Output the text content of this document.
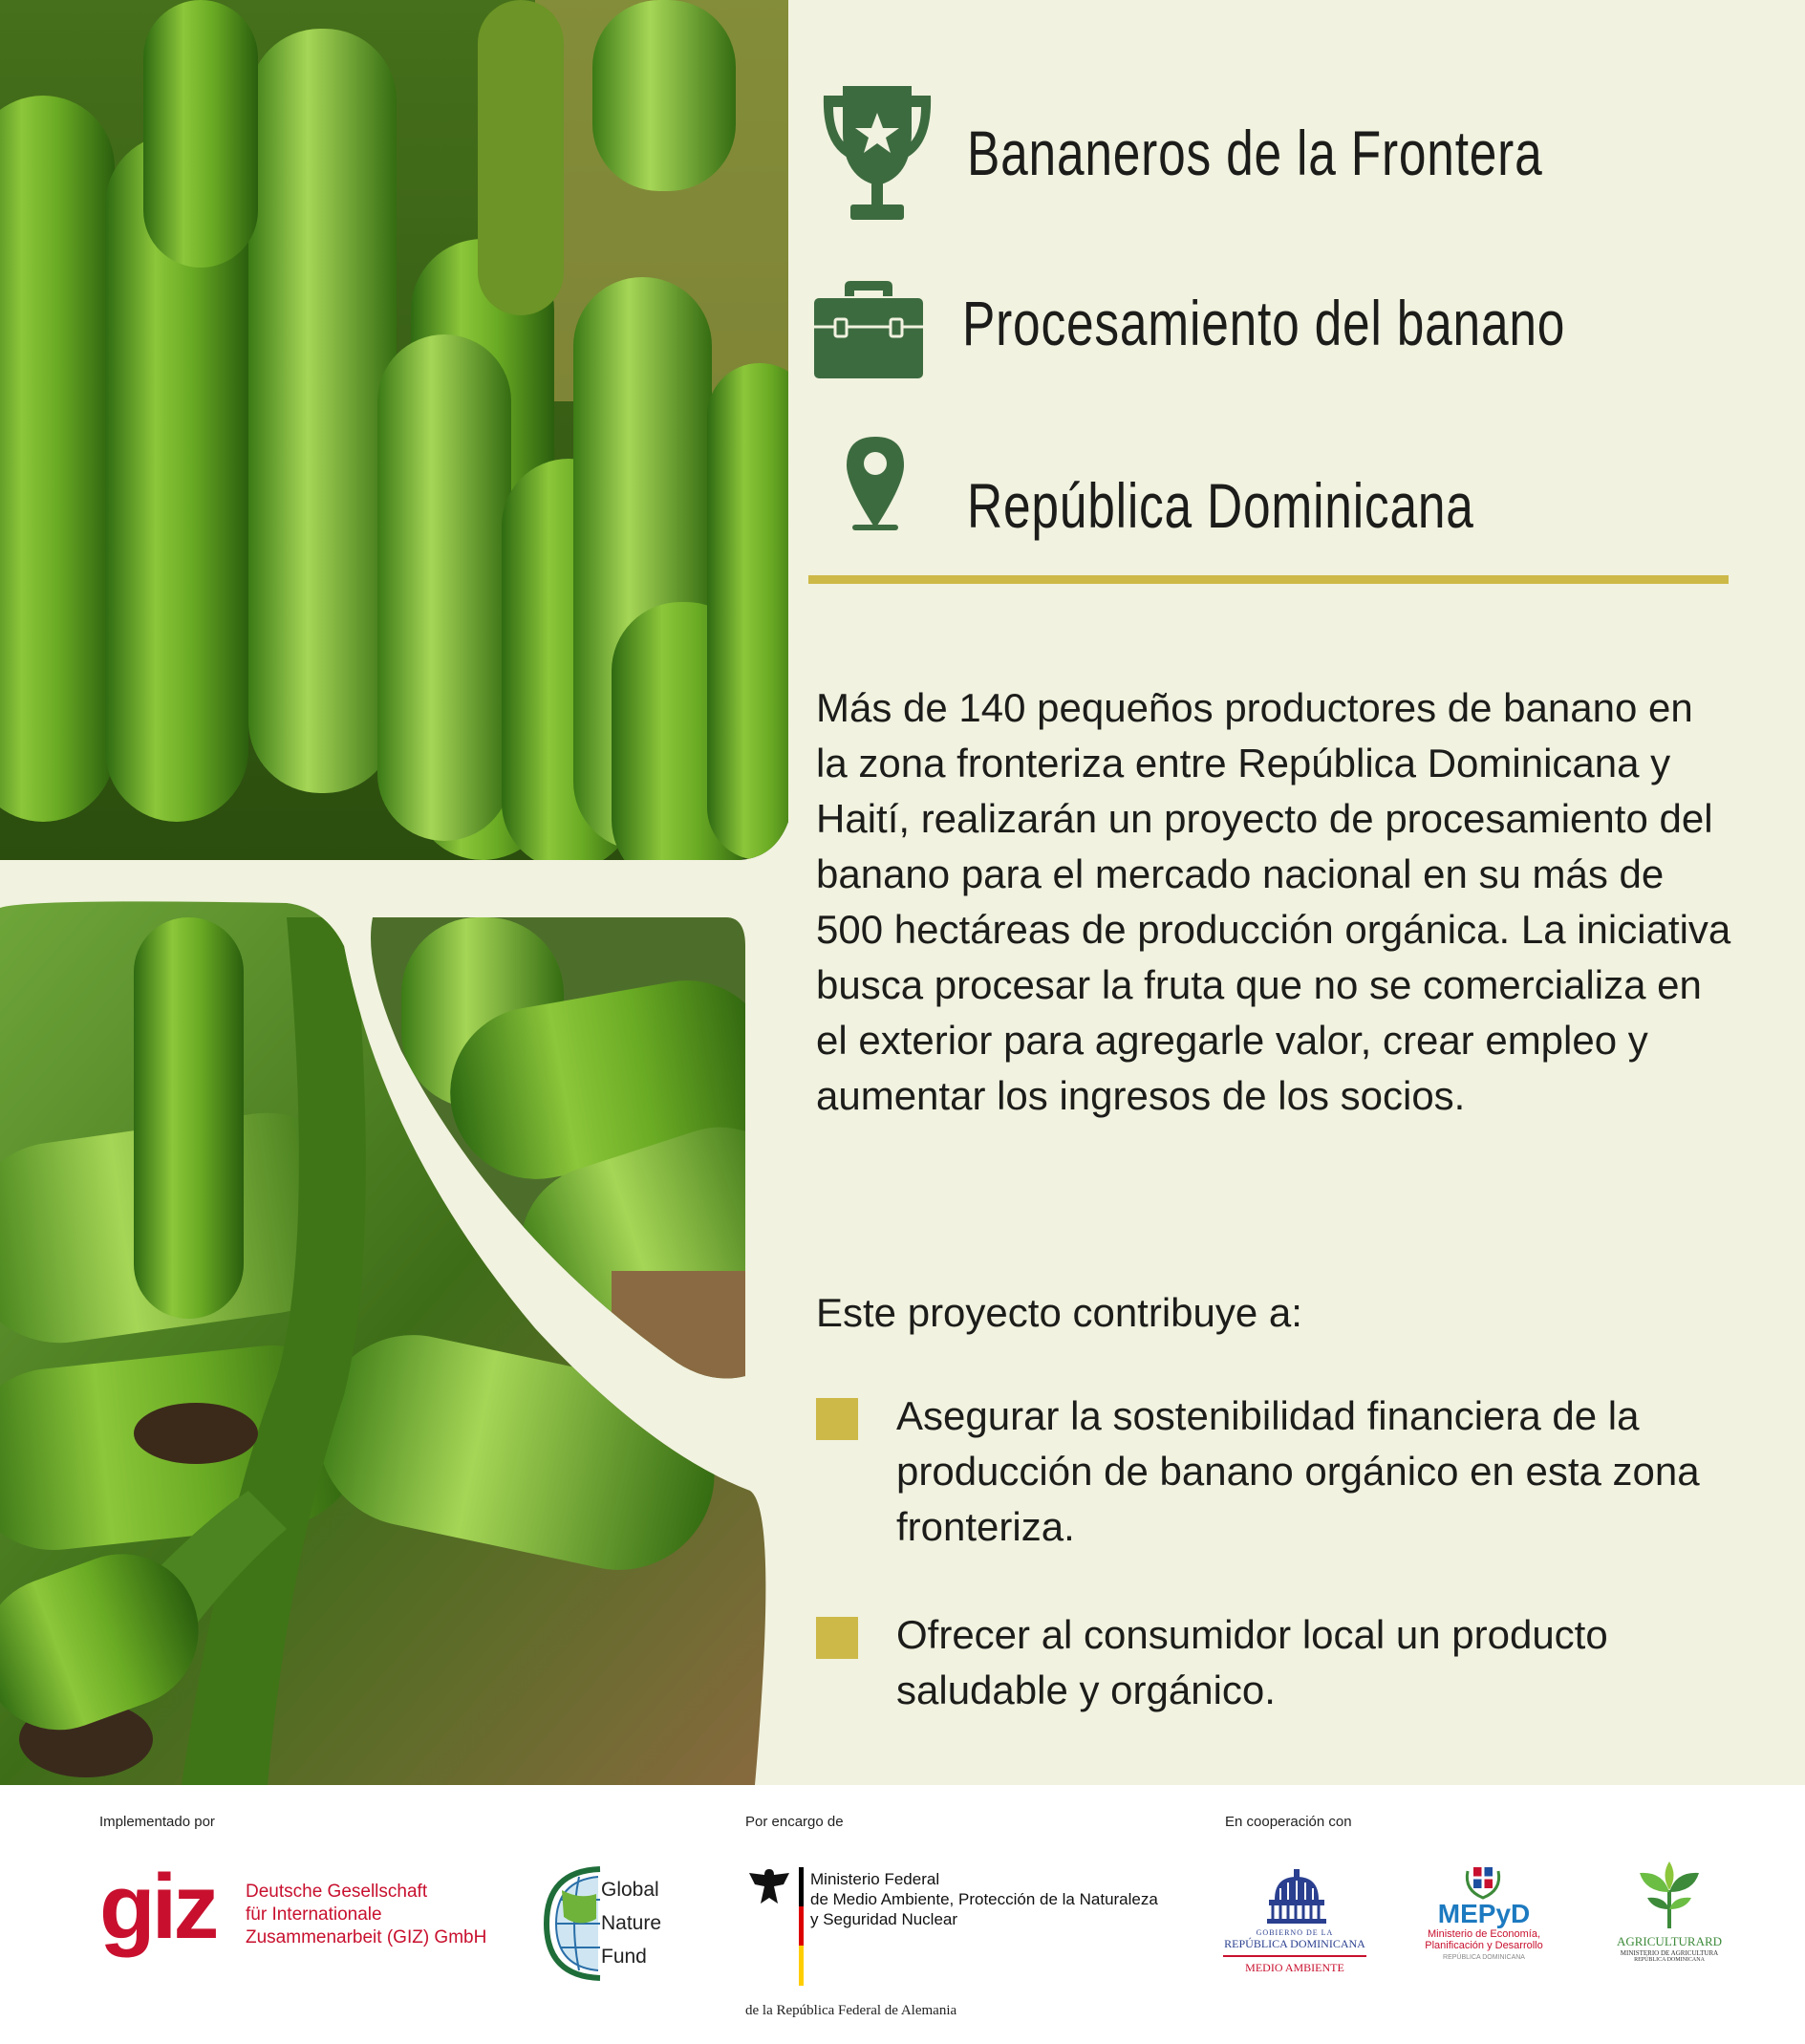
Bananeros de la Frontera
Procesamiento del banano
República Dominicana

Más de 140 pequeños productores de banano en la zona fronteriza entre República Dominicana y Haití, realizarán un proyecto de procesamiento del banano para el mercado nacional en su más de 500 hectáreas de producción orgánica. La iniciativa busca procesar la fruta que no se comercializa en el exterior para agregarle valor, crear empleo y aumentar los ingresos de los socios.

Este proyecto contribuye a:

Asegurar la sostenibilidad financiera de la producción de banano orgánico en esta zona fronteriza.
Ofrecer al consumidor local un producto saludable y orgánico.
Implementado por	Por encargo de	En cooperación con
giz Deutsche Gesellschaft
für Internationale
Zusammenarbeit (GIZ) GmbH
Global
Nature
Fund
Ministerio Federal
de Medio Ambiente, Protección de la Naturaleza
y Seguridad Nuclear
de la República Federal de Alemania
GOBIERNO DE LA
REPÚBLICA DOMINICANA
MEDIO AMBIENTE
MEPyD
Ministerio de Economía,
Planificación y Desarrollo
REPÚBLICA DOMINICANA
AGRICULTURARD
MINISTERIO DE AGRICULTURA
REPÚBLICA DOMINICANA
